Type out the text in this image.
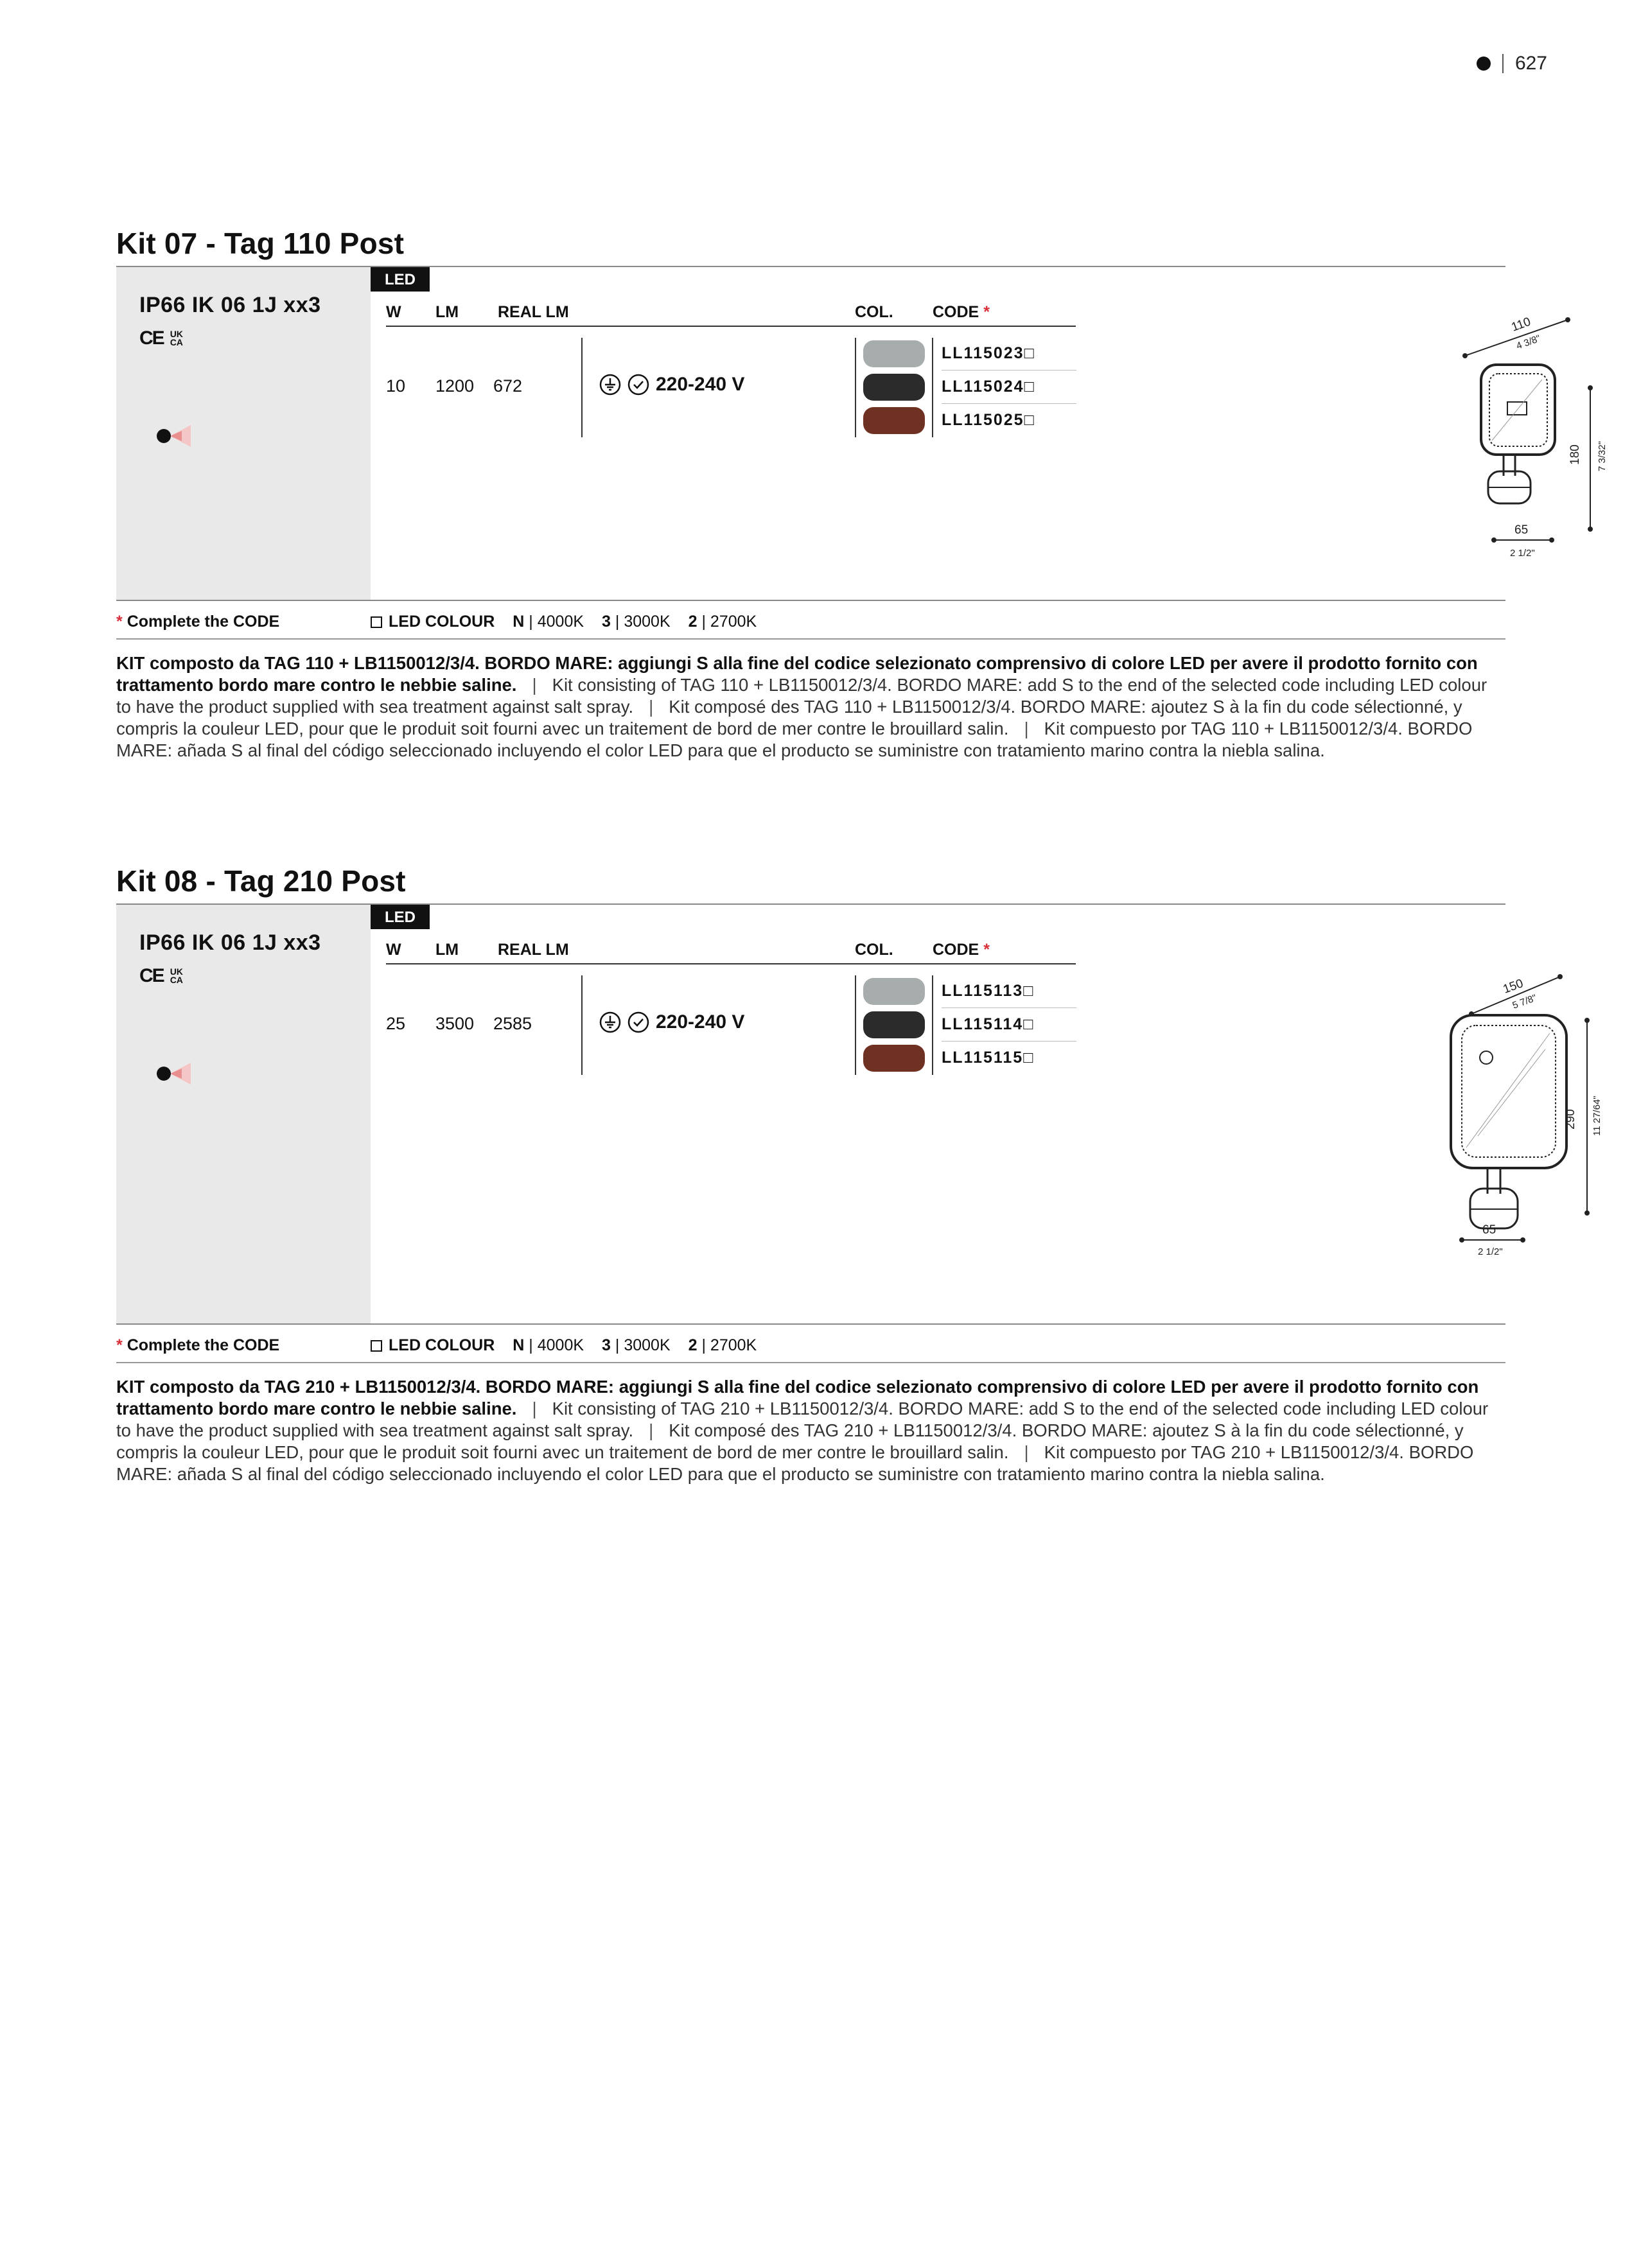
627
Kit 07 - Tag 110 Post
IP66 IK 06 1J xx3
CE UK
CA
LED
W LM REAL LM	COL. CODE *
10 1200 672	220-240 V
LL115023□
LL115024□
LL115025□
110
4 3/8"
180 7 3/32"
65
2 1/2"
* Complete the CODE	LED COLOUR N | 4000K 3 | 3000K 2 | 2700K

KIT composto da TAG 110 + LB1150012/3/4. BORDO MARE: aggiungi S alla fine del codice selezionato comprensivo di colore LED per avere il prodotto fornito con trattamento bordo mare contro le nebbie saline. | Kit consisting of TAG 110 + LB1150012/3/4. BORDO MARE: add S to the end of the selected code including LED colour to have the product supplied with sea treatment against salt spray. | Kit composé des TAG 110 + LB1150012/3/4. BORDO MARE: ajoutez S à la fin du code sélectionné, y compris la couleur LED, pour que le produit soit fourni avec un traitement de bord de mer contre le brouillard salin. | Kit compuesto por TAG 110 + LB1150012/3/4. BORDO MARE: añada S al final del código seleccionado incluyendo el color LED para que el producto se suministre con tratamiento marino contra la niebla salina.

Kit 08 - Tag 210 Post
IP66 IK 06 1J xx3
CE UK
CA
LED
W LM REAL LM	COL. CODE *
25 3500 2585	220-240 V
LL115113□
LL115114□
LL115115□
150
5 7/8"
290 11 27/64"
65
2 1/2"
* Complete the CODE	LED COLOUR N | 4000K 3 | 3000K 2 | 2700K

KIT composto da TAG 210 + LB1150012/3/4. BORDO MARE: aggiungi S alla fine del codice selezionato comprensivo di colore LED per avere il prodotto fornito con trattamento bordo mare contro le nebbie saline. | Kit consisting of TAG 210 + LB1150012/3/4. BORDO MARE: add S to the end of the selected code including LED colour to have the product supplied with sea treatment against salt spray. | Kit composé des TAG 210 + LB1150012/3/4. BORDO MARE: ajoutez S à la fin du code sélectionné, y compris la couleur LED, pour que le produit soit fourni avec un traitement de bord de mer contre le brouillard salin. | Kit compuesto por TAG 210 + LB1150012/3/4. BORDO MARE: añada S al final del código seleccionado incluyendo el color LED para que el producto se suministre con tratamiento marino contra la niebla salina.
